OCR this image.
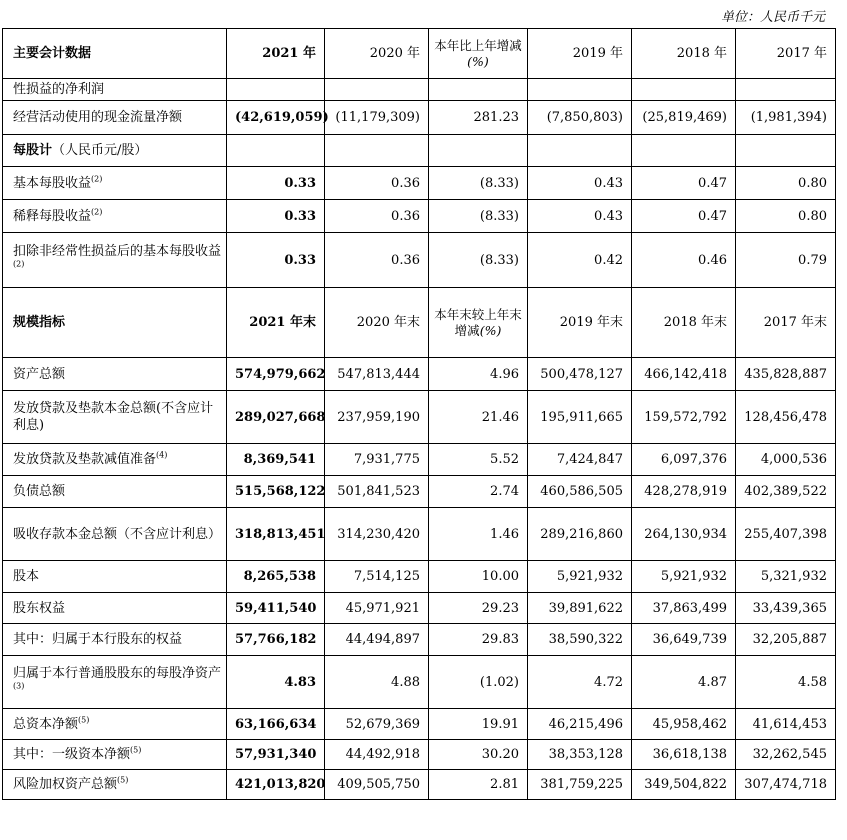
单位：人民币千元
主要会计数据	2021 年	2020 年	本年比上年增减(%)	2019 年	2018 年	2017 年
性损益的净利润						
经营活动使用的现金流量净额	(42,619,059)	(11,179,309)	281.23	(7,850,803)	(25,819,469)	(1,981,394)
每股计（人民币元/股）						
基本每股收益$^{(2)}$	0.33	0.36	(8.33)	0.43	0.47	0.80
稀释每股收益$^{(2)}$	0.33	0.36	(8.33)	0.43	0.47	0.80
扣除非经常性损益后的基本每股收益$^{(2)}$	0.33	0.36	(8.33)	0.42	0.46	0.79
规模指标	2021 年末	2020 年末	本年末较上年末增减(%)	2019 年末	2018 年末	2017 年末
资产总额	574,979,662	547,813,444	4.96	500,478,127	466,142,418	435,828,887
发放贷款及垫款本金总额(不含应计利息)	289,027,668	237,959,190	21.46	195,911,665	159,572,792	128,456,478
发放贷款及垫款减值准备$^{(4)}$	8,369,541	7,931,775	5.52	7,424,847	6,097,376	4,000,536
负债总额	515,568,122	501,841,523	2.74	460,586,505	428,278,919	402,389,522
吸收存款本金总额（不含应计利息）	318,813,451	314,230,420	1.46	289,216,860	264,130,934	255,407,398
股本	8,265,538	7,514,125	10.00	5,921,932	5,921,932	5,321,932
股东权益	59,411,540	45,971,921	29.23	39,891,622	37,863,499	33,439,365
其中：归属于本行股东的权益	57,766,182	44,494,897	29.83	38,590,322	36,649,739	32,205,887
归属于本行普通股股东的每股净资产$^{(3)}$	4.83	4.88	(1.02)	4.72	4.87	4.58
总资本净额$^{(5)}$	63,166,634	52,679,369	19.91	46,215,496	45,958,462	41,614,453
其中：一级资本净额$^{(5)}$	57,931,340	44,492,918	30.20	38,353,128	36,618,138	32,262,545
风险加权资产总额$^{(5)}$	421,013,820	409,505,750	2.81	381,759,225	349,504,822	307,474,718
